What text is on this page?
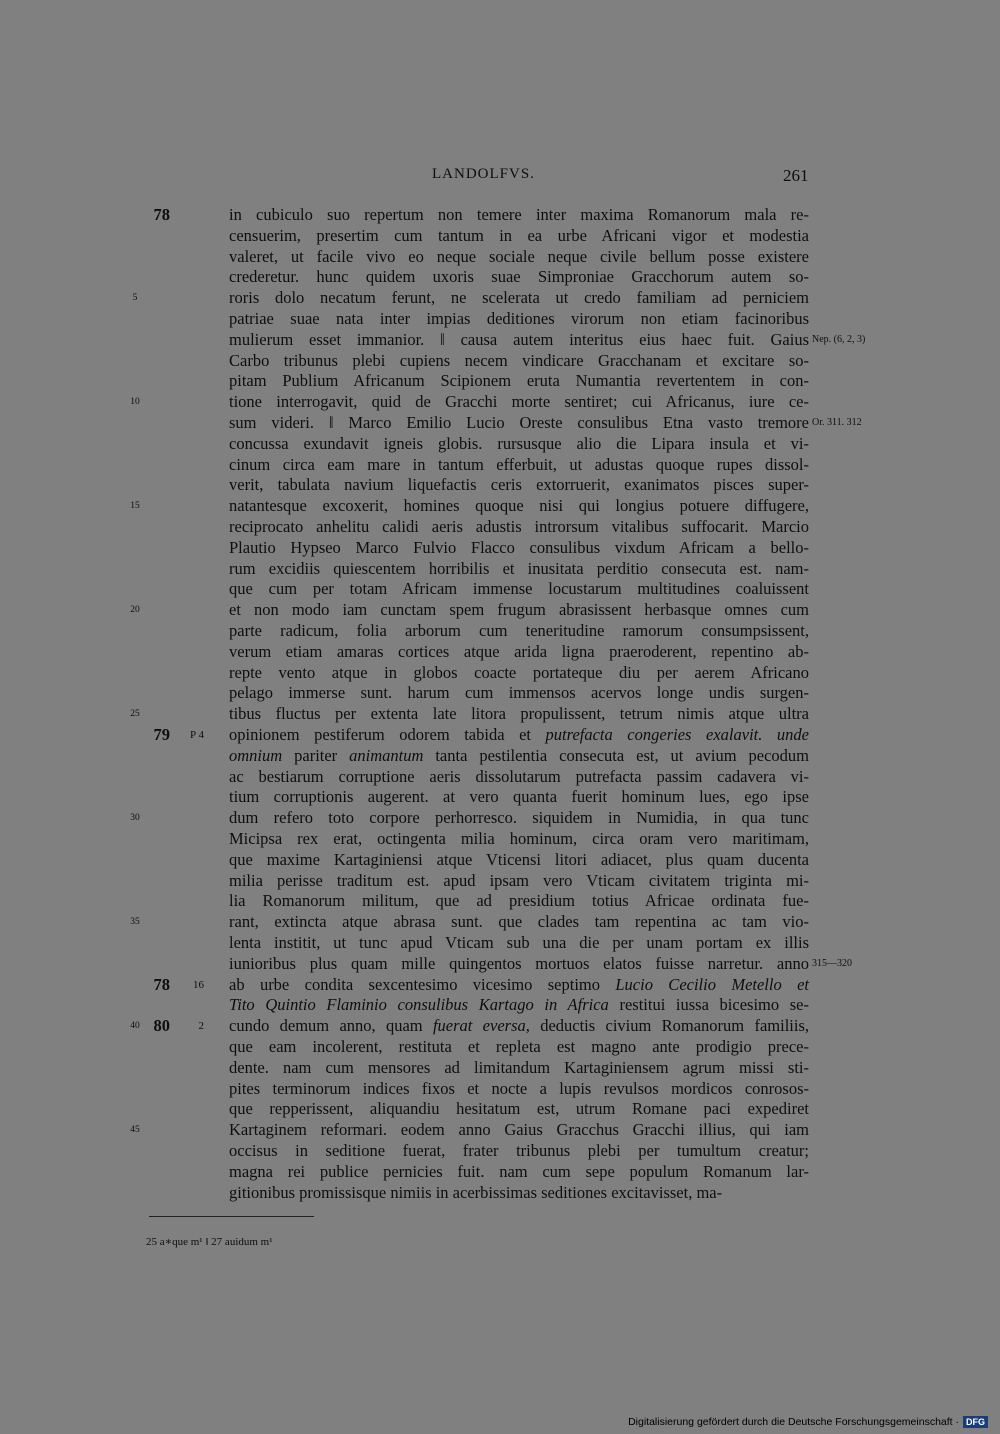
LANDOLFVS.	261
in cubiculo suo repertum non temere inter maxima Romanorum mala re-
78
censuerim, presertim cum tantum in ea urbe Africani vigor et modestia
valeret, ut facile vivo eo neque sociale neque civile bellum posse existere
crederetur. hunc quidem uxoris suae Simproniae Gracchorum autem so-
roris dolo necatum ferunt, ne scelerata ut credo familiam ad perniciem
5
patriae suae nata inter impias deditiones virorum non etiam facinoribus
mulierum esset immanior. ‖ causa autem interitus eius haec fuit. Gaius Nep. (6, 2, 3)
Carbo tribunus plebi cupiens necem vindicare Gracchanam et excitare so-
pitam Publium Africanum Scipionem eruta Numantia revertentem in con-
tione interrogavit, quid de Gracchi morte sentiret; cui Africanus, iure ce-
10
sum videri. ‖ Marco Emilio Lucio Oreste consulibus Etna vasto tremore Or. 311. 312
concussa exundavit igneis globis. rursusque alio die Lipara insula et vi-
cinum circa eam mare in tantum efferbuit, ut adustas quoque rupes dissol-
verit, tabulata navium liquefactis ceris extorruerit, exanimatos pisces super-
natantesque excoxerit, homines quoque nisi qui longius potuere diffugere,
15
reciprocato anhelitu calidi aeris adustis introrsum vitalibus suffocarit. Marcio
Plautio Hypseo Marco Fulvio Flacco consulibus vixdum Africam a bello-
rum excidiis quiescentem horribilis et inusitata perditio consecuta est. nam-
que cum per totam Africam immense locustarum multitudines coaluissent
et non modo iam cunctam spem frugum abrasissent herbasque omnes cum
20
parte radicum, folia arborum cum teneritudine ramorum consumpsissent,
verum etiam amaras cortices atque arida ligna praeroderent, repentino ab-
repte vento atque in globos coacte portateque diu per aerem Africano
pelago immerse sunt. harum cum immensos acervos longe undis surgen-
tibus fluctus per extenta late litora propulissent, tetrum nimis atque ultra
25
opinionem pestiferum odorem tabida et putrefacta congeries exalavit. unde
79	P 4
omnium pariter animantum tanta pestilentia consecuta est, ut avium pecodum
ac bestiarum corruptione aeris dissolutarum putrefacta passim cadavera vi-
tium corruptionis augerent. at vero quanta fuerit hominum lues, ego ipse
dum refero toto corpore perhorresco. siquidem in Numidia, in qua tunc
30
Micipsa rex erat, octingenta milia hominum, circa oram vero maritimam,
que maxime Kartaginiensi atque Vticensi litori adiacet, plus quam ducenta
milia perisse traditum est. apud ipsam vero Vticam civitatem triginta mi-
lia Romanorum militum, que ad presidium totius Africae ordinata fue-
rant, extincta atque abrasa sunt. que clades tam repentina ac tam vio-
35
lenta institit, ut tunc apud Vticam sub una die per unam portam ex illis
iunioribus plus quam mille quingentos mortuos elatos fuisse narretur. anno 315—320
ab urbe condita sexcentesimo vicesimo septimo Lucio Cecilio Metello et
78	16
Tito Quintio Flaminio consulibus Kartago in Africa restitui iussa bicesimo se-
cundo demum anno, quam fuerat eversa, deductis civium Romanorum familiis,
40 80	2
que eam incolerent, restituta et repleta est magno ante prodigio prece-
dente. nam cum mensores ad limitandum Kartaginiensem agrum missi sti-
pites terminorum indices fixos et nocte a lupis revulsos mordicos conrosos-
que repperissent, aliquandiu hesitatum est, utrum Romane paci expediret
Kartaginem reformari. eodem anno Gaius Gracchus Gracchi illius, qui iam
45
occisus in seditione fuerat, frater tribunus plebi per tumultum creatur;
magna rei publice pernicies fuit. nam cum sepe populum Romanum lar-
gitionibus promissisque nimiis in acerbissimas seditiones excitavisset, ma-
25 a∗que m¹ ‖ 27 auidum m¹
Digitalisierung gefördert durch die Deutsche Forschungsgemeinschaft · DFG
